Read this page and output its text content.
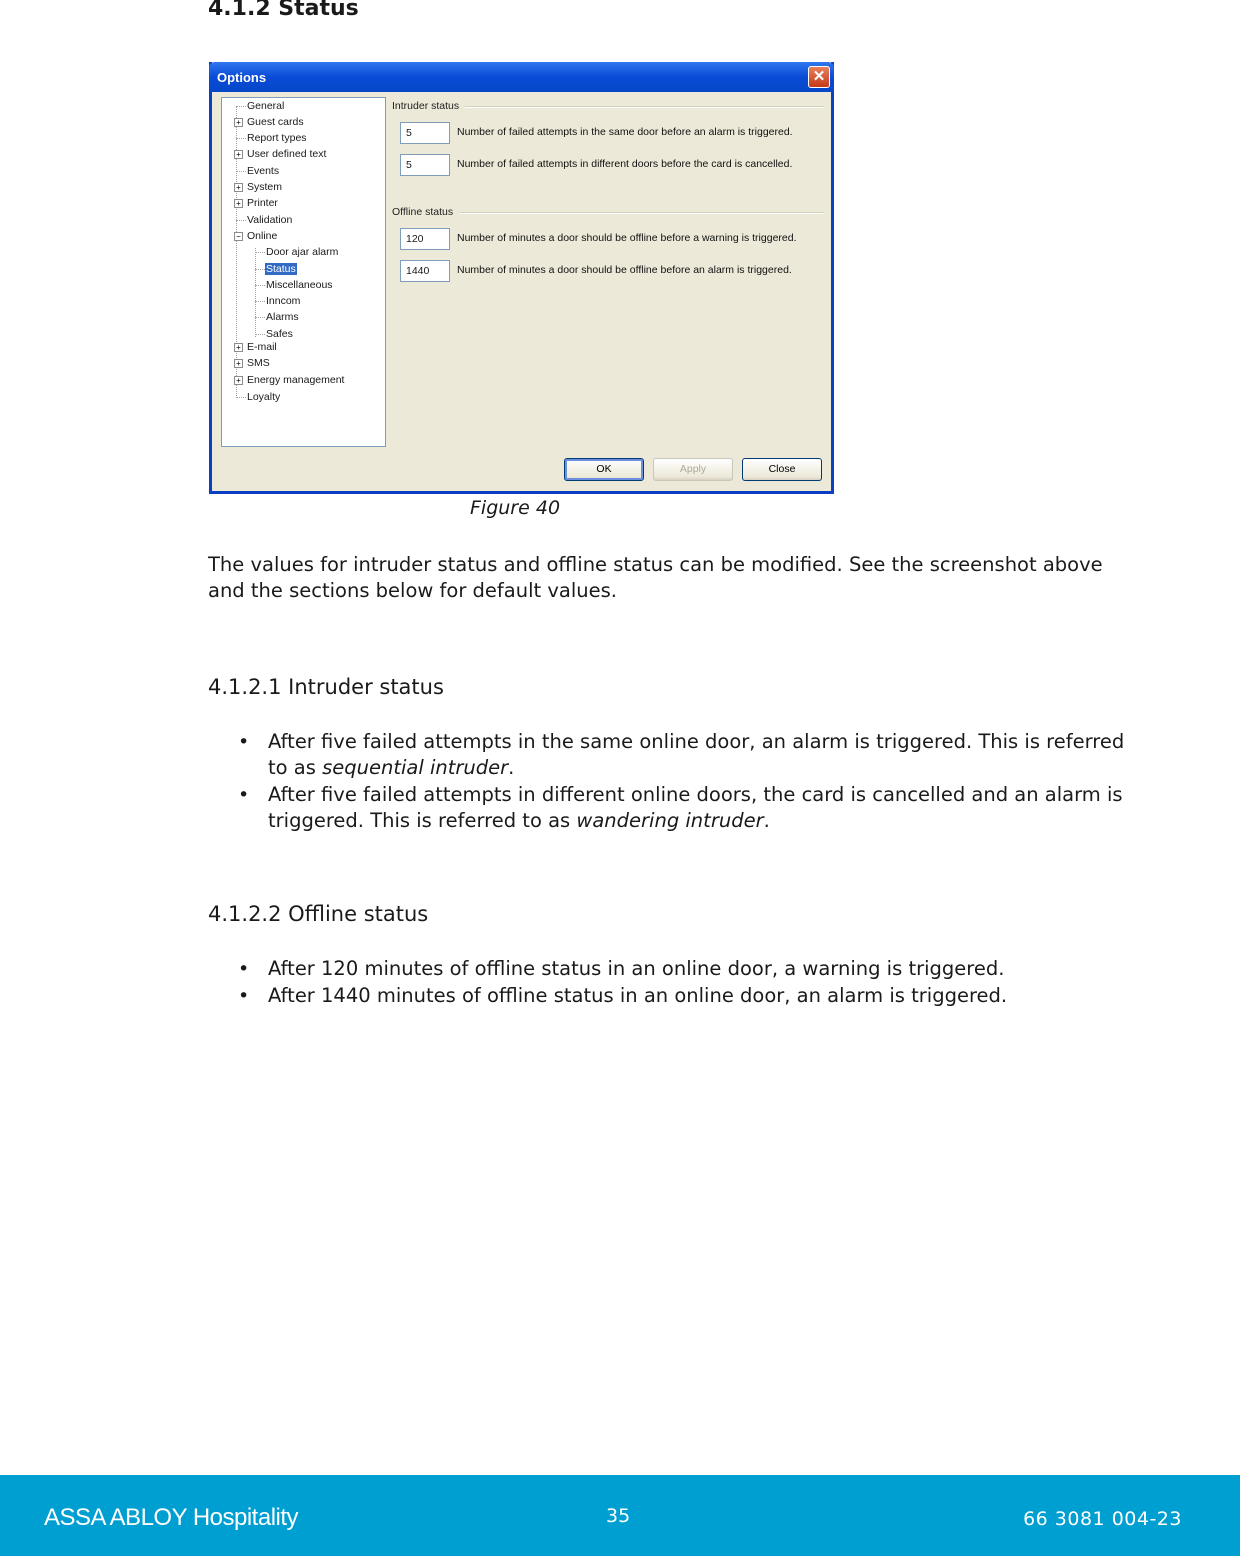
4.1.2 Status
Options	✕
General
+ Guest cards
Report types
+ User defined text
Events
+ System
+ Printer
Validation
− Online
Door ajar alarm
Status
Miscellaneous
Inncom
Alarms
Safes
+ E-mail
+ SMS
+ Energy management
Loyalty
Intruder status
5	Number of failed attempts in the same door before an alarm is triggered.
5	Number of failed attempts in different doors before the card is cancelled.
Offline status
120	Number of minutes a door should be offline before a warning is triggered.
1440	Number of minutes a door should be offline before an alarm is triggered.
OK	Apply	Close
Figure 40
The values for intruder status and offline status can be modified. See the screenshot above and the sections below for default values.
4.1.2.1 Intruder status
• After five failed attempts in the same online door, an alarm is triggered. This is referred to as sequential intruder.
• After five failed attempts in different online doors, the card is cancelled and an alarm is triggered. This is referred to as wandering intruder.
4.1.2.2 Offline status
• After 120 minutes of offline status in an online door, a warning is triggered.
• After 1440 minutes of offline status in an online door, an alarm is triggered.
ASSA ABLOY Hospitality	35	66 3081 004-23
